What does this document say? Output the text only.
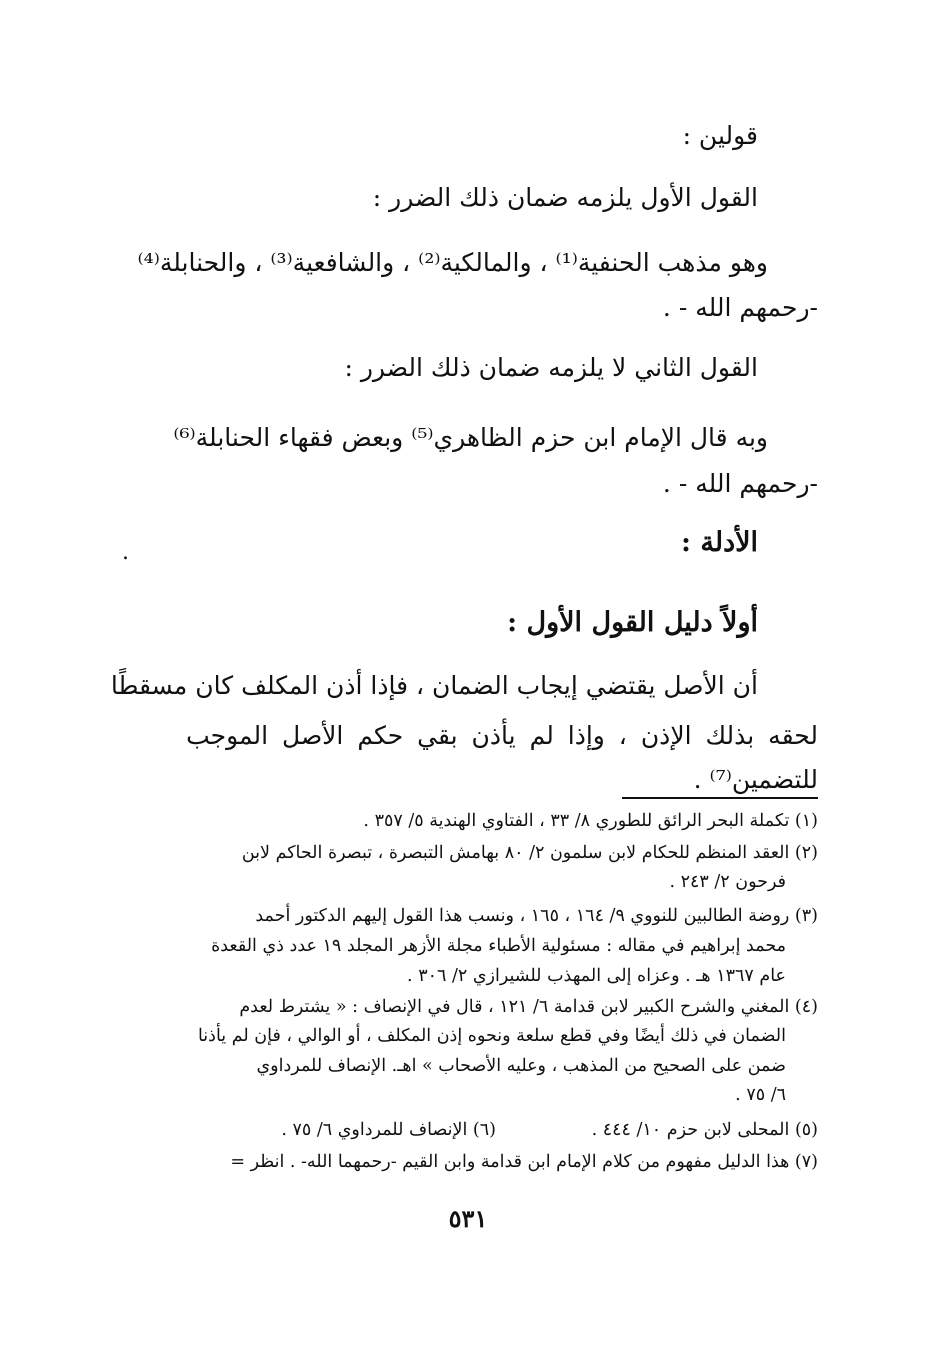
قولين :
القول الأول يلزمه ضمان ذلك الضرر :
وهو مذهب الحنفية⁽¹⁾ ، والمالكية⁽²⁾ ، والشافعية⁽³⁾ ، والحنابلة⁽⁴⁾
-رحمهم الله - .
القول الثاني لا يلزمه ضمان ذلك الضرر :
وبه قال الإمام ابن حزم الظاهري⁽⁵⁾ وبعض فقهاء الحنابلة⁽⁶⁾
-رحمهم الله - .
الأدلة :
.
أولاً دليل القول الأول :
أن الأصل يقتضي إيجاب الضمان ، فإذا أذن المكلف كان مسقطًا
لحقه بذلك الإذن ، وإذا لم يأذن بقي حكم الأصل الموجب
للتضمين⁽⁷⁾ .
(١) تكملة البحر الرائق للطوري ٨/ ٣٣ ، الفتاوي الهندية ٥/ ٣٥٧ .
(٢) العقد المنظم للحكام لابن سلمون ٢/ ٨٠ بهامش التبصرة ، تبصرة الحاكم لابن
فرحون ٢/ ٢٤٣ .
(٣) روضة الطالبين للنووي ٩/ ١٦٤ ، ١٦٥ ، ونسب هذا القول إليهم الدكتور أحمد
محمد إبراهيم في مقاله : مسئولية الأطباء مجلة الأزهر المجلد ١٩ عدد ذي القعدة
عام ١٣٦٧ هـ . وعزاه إلى المهذب للشيرازي ٢/ ٣٠٦ .
(٤) المغني والشرح الكبير لابن قدامة ٦/ ١٢١ ، قال في الإنصاف : « يشترط لعدم
الضمان في ذلك أيضًا وفي قطع سلعة ونحوه إذن المكلف ، أو الوالي ، فإن لم يأذنا
ضمن على الصحيح من المذهب ، وعليه الأصحاب » اهـ. الإنصاف للمرداوي
٦/ ٧٥ .
(٥) المحلى لابن حزم ١٠/ ٤٤٤ .
(٦) الإنصاف للمرداوي ٦/ ٧٥ .
(٧) هذا الدليل مفهوم من كلام الإمام ابن قدامة وابن القيم -رحمهما الله- . انظر =
٥٣١
